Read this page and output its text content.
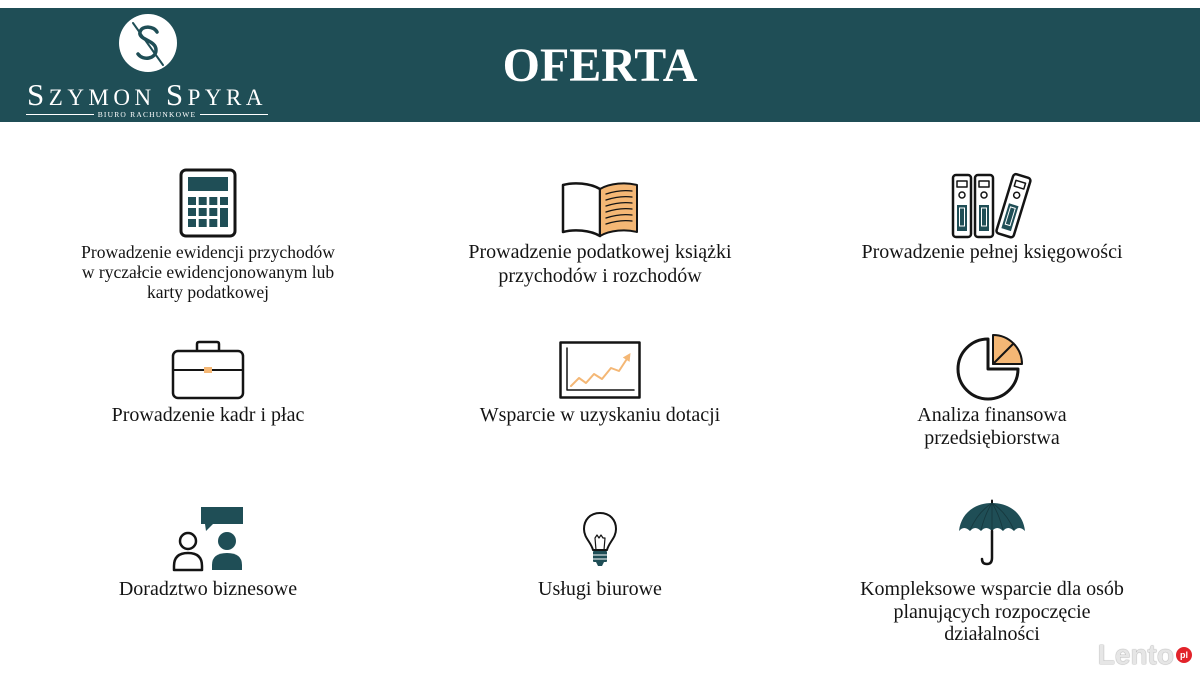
SZYMON SPYRA
BIURO RACHUNKOWE
OFERTA
Prowadzenie ewidencji przychodów
w ryczałcie ewidencjonowanym lub
karty podatkowej
Prowadzenie podatkowej książki
przychodów i rozchodów
Prowadzenie pełnej księgowości
Prowadzenie kadr i płac	Wsparcie w uzyskaniu dotacji	Analiza finansowa
przedsiębiorstwa
Doradztwo biznesowe	Usługi biurowe	Kompleksowe wsparcie dla osób
planujących rozpoczęcie
działalności
Lento pl
